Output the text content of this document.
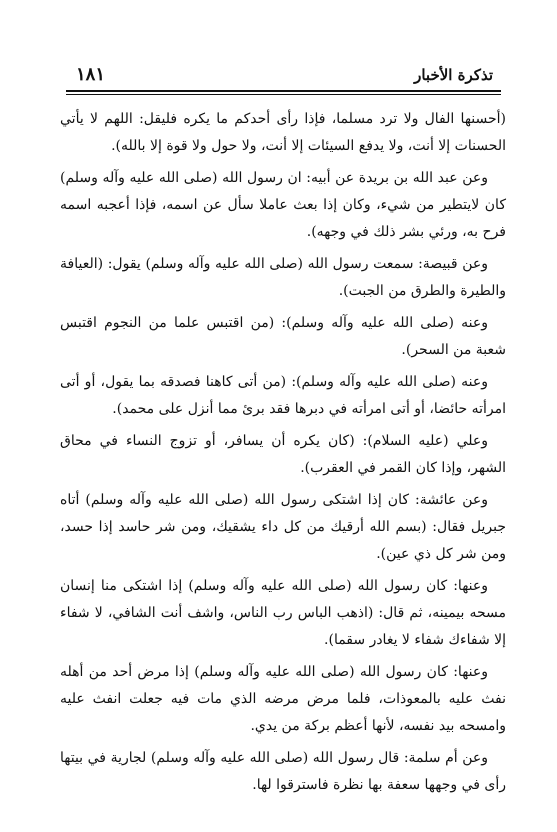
تذكرة الأخبار
١٨١

(أحسنها الفال ولا ترد مسلما، فإذا رأى أحدكم ما يكره فليقل: اللهم لا يأتي الحسنات إلا أنت، ولا يدفع السيئات إلا أنت، ولا حول ولا قوة إلا بالله).

وعن عبد الله بن بريدة عن أبيه: ان رسول الله (صلى الله عليه وآله وسلم) كان لايتطير من شيء، وكان إذا بعث عاملا سأل عن اسمه، فإذا أعجبه اسمه فرح به، ورئي بشر ذلك في وجهه).

وعن قبيصة: سمعت رسول الله (صلى الله عليه وآله وسلم) يقول: (العيافة والطيرة والطرق من الجبت).

وعنه (صلى الله عليه وآله وسلم): (من اقتبس علما من النجوم اقتبس شعبة من السحر).

وعنه (صلى الله عليه وآله وسلم): (من أتى كاهنا فصدقه بما يقول، أو أتى امرأته حائضا، أو أتى امرأته في دبرها فقد برئ مما أنزل على محمد).

وعلي (عليه السلام): (كان يكره أن يسافر، أو تزوج النساء في محاق الشهر، وإذا كان القمر في العقرب).

وعن عائشة: كان إذا اشتكى رسول الله (صلى الله عليه وآله وسلم) أتاه جبريل فقال: (بسم الله أرقيك من كل داء يشقيك، ومن شر حاسد إذا حسد، ومن شر كل ذي عين).

وعنها: كان رسول الله (صلى الله عليه وآله وسلم) إذا اشتكى منا إنسان مسحه بيمينه، ثم قال: (اذهب الباس رب الناس، واشف أنت الشافي، لا شفاء إلا شفاءك شفاء لا يغادر سقما).

وعنها: كان رسول الله (صلى الله عليه وآله وسلم) إذا مرض أحد من أهله نفث عليه بالمعوذات، فلما مرض مرضه الذي مات فيه جعلت انفث عليه وامسحه بيد نفسه، لأنها أعظم بركة من يدي.

وعن أم سلمة: قال رسول الله (صلى الله عليه وآله وسلم) لجارية في بيتها رأى في وجهها سعفة بها نظرة فاسترقوا لها.
